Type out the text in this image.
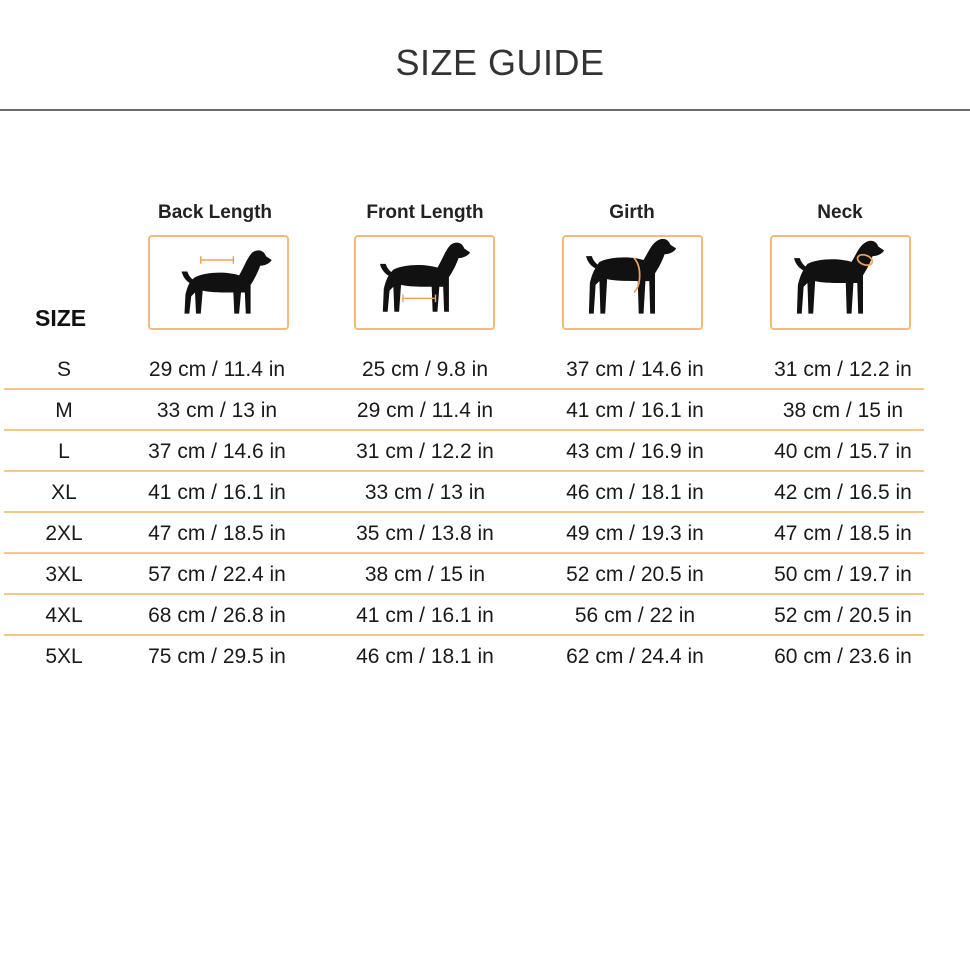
SIZE GUIDE
Back Length	Front Length	Girth	Neck
SIZE
S	29 cm / 11.4 in	25 cm / 9.8 in	37 cm / 14.6 in	31 cm / 12.2 in
M	33 cm / 13 in	29 cm / 11.4 in	41 cm / 16.1 in	38 cm / 15 in
L	37 cm / 14.6 in	31 cm / 12.2 in	43 cm / 16.9 in	40 cm / 15.7 in
XL	41 cm / 16.1 in	33 cm / 13 in	46 cm / 18.1 in	42 cm / 16.5 in
2XL	47 cm / 18.5 in	35 cm / 13.8 in	49 cm / 19.3 in	47 cm / 18.5 in
3XL	57 cm / 22.4 in	38 cm / 15 in	52 cm / 20.5 in	50 cm / 19.7 in
4XL	68 cm / 26.8 in	41 cm / 16.1 in	56 cm / 22 in	52 cm / 20.5 in
5XL	75 cm / 29.5 in	46 cm / 18.1 in	62 cm / 24.4 in	60 cm / 23.6 in
